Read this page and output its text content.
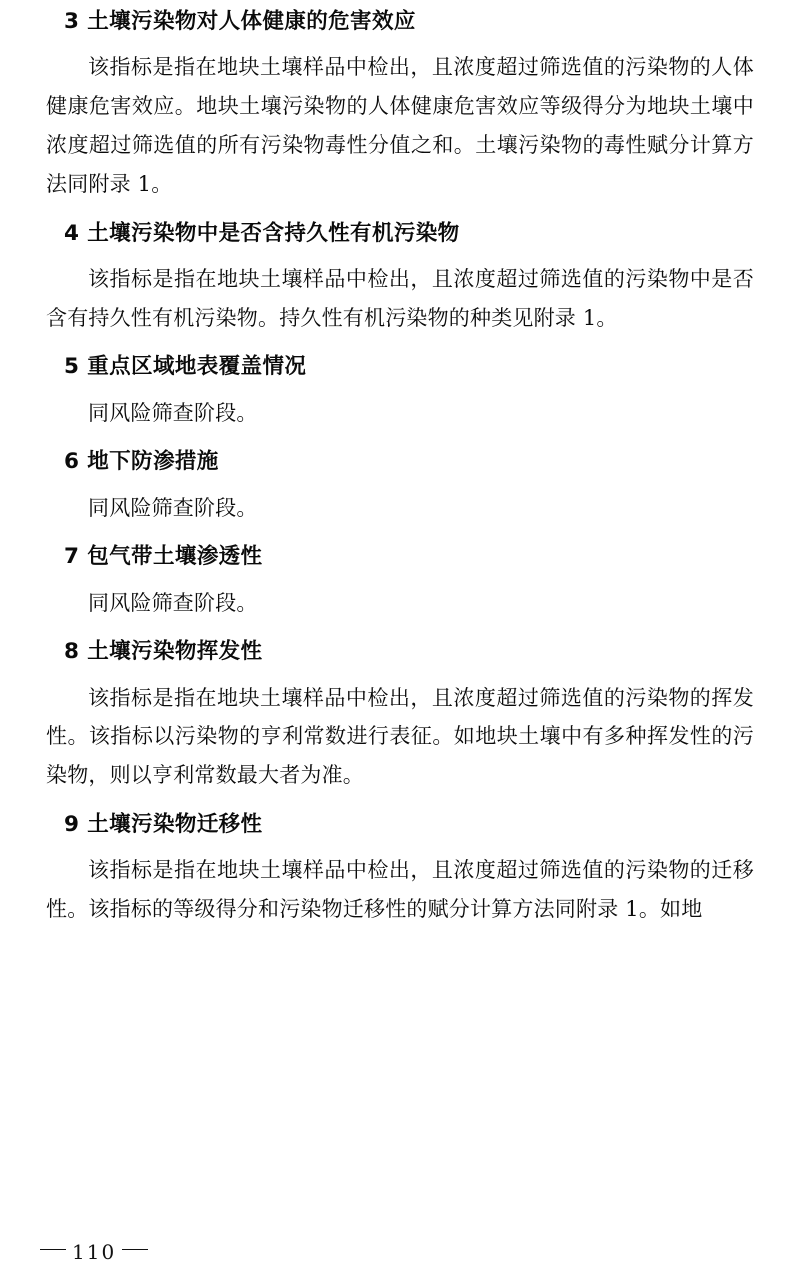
3 土壤污染物对人体健康的危害效应

该指标是指在地块土壤样品中检出，且浓度超过筛选值的污染物的人体健康危害效应。地块土壤污染物的人体健康危害效应等级得分为地块土壤中浓度超过筛选值的所有污染物毒性分值之和。土壤污染物的毒性赋分计算方法同附录 1。

4 土壤污染物中是否含持久性有机污染物

该指标是指在地块土壤样品中检出，且浓度超过筛选值的污染物中是否含有持久性有机污染物。持久性有机污染物的种类见附录 1。

5 重点区域地表覆盖情况

同风险筛查阶段。

6 地下防渗措施

同风险筛查阶段。

7 包气带土壤渗透性

同风险筛查阶段。

8 土壤污染物挥发性

该指标是指在地块土壤样品中检出，且浓度超过筛选值的污染物的挥发性。该指标以污染物的亨利常数进行表征。如地块土壤中有多种挥发性的污染物，则以亨利常数最大者为准。

9 土壤污染物迁移性

该指标是指在地块土壤样品中检出，且浓度超过筛选值的污染物的迁移性。该指标的等级得分和污染物迁移性的赋分计算方法同附录 1。如地

110
